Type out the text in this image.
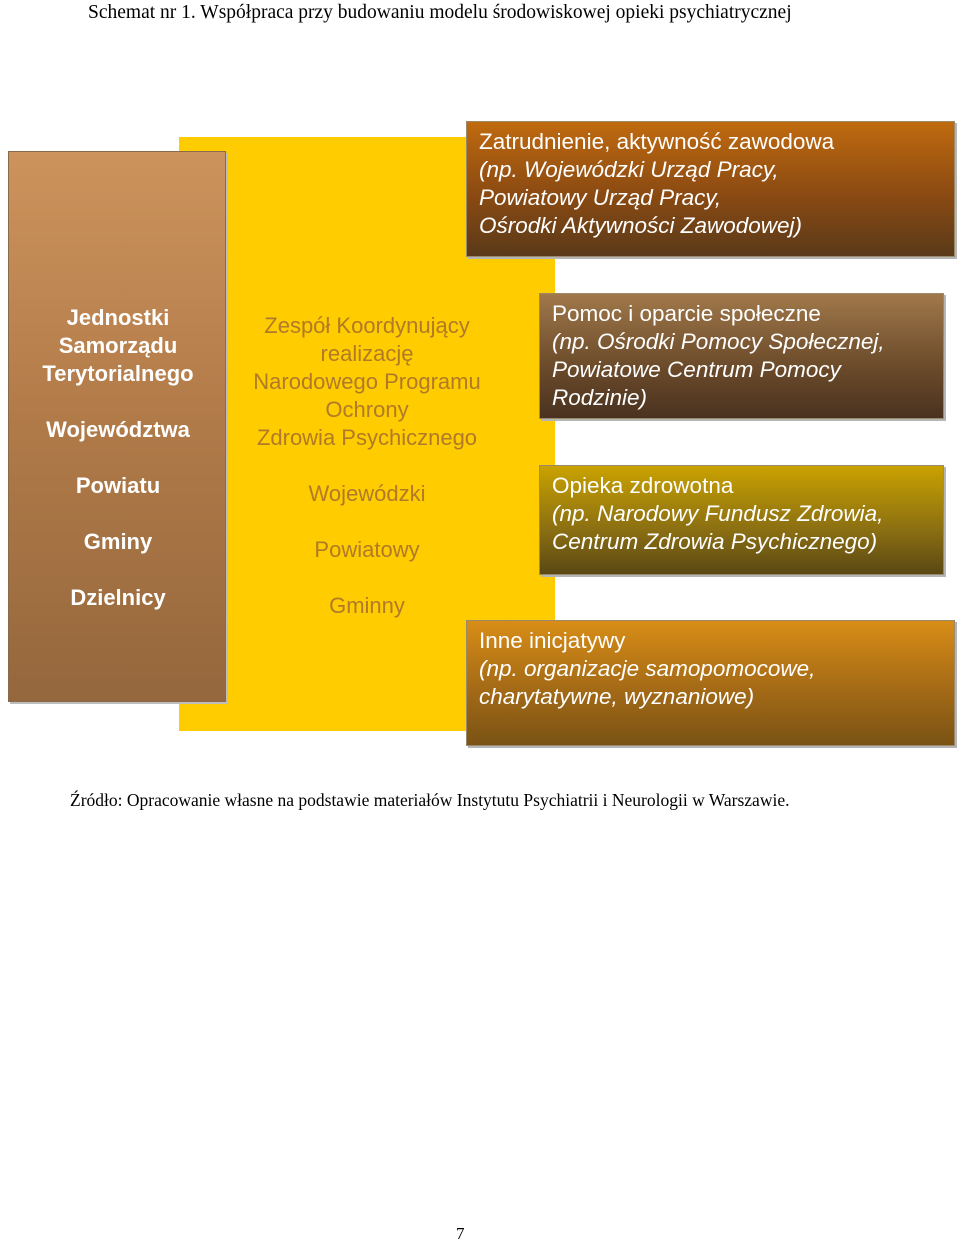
Schemat nr 1. Współpraca przy budowaniu modelu środowiskowej opieki psychiatrycznej
Jednostki
Samorządu
Terytorialnego
Województwa
Powiatu
Gminy
Dzielnicy
Zespół Koordynujący
realizację
Narodowego Programu
Ochrony
Zdrowia Psychicznego
Wojewódzki
Powiatowy
Gminny
Zatrudnienie, aktywność zawodowa
(np. Wojewódzki Urząd Pracy,
Powiatowy Urząd Pracy,
Ośrodki Aktywności Zawodowej)
Pomoc i oparcie społeczne
(np. Ośrodki Pomocy Społecznej,
Powiatowe Centrum Pomocy
Rodzinie)
Opieka zdrowotna
(np. Narodowy Fundusz Zdrowia,
Centrum Zdrowia Psychicznego)
Inne inicjatywy
(np. organizacje samopomocowe,
charytatywne, wyznaniowe)
Źródło: Opracowanie własne na podstawie materiałów Instytutu Psychiatrii i Neurologii w Warszawie.
7
